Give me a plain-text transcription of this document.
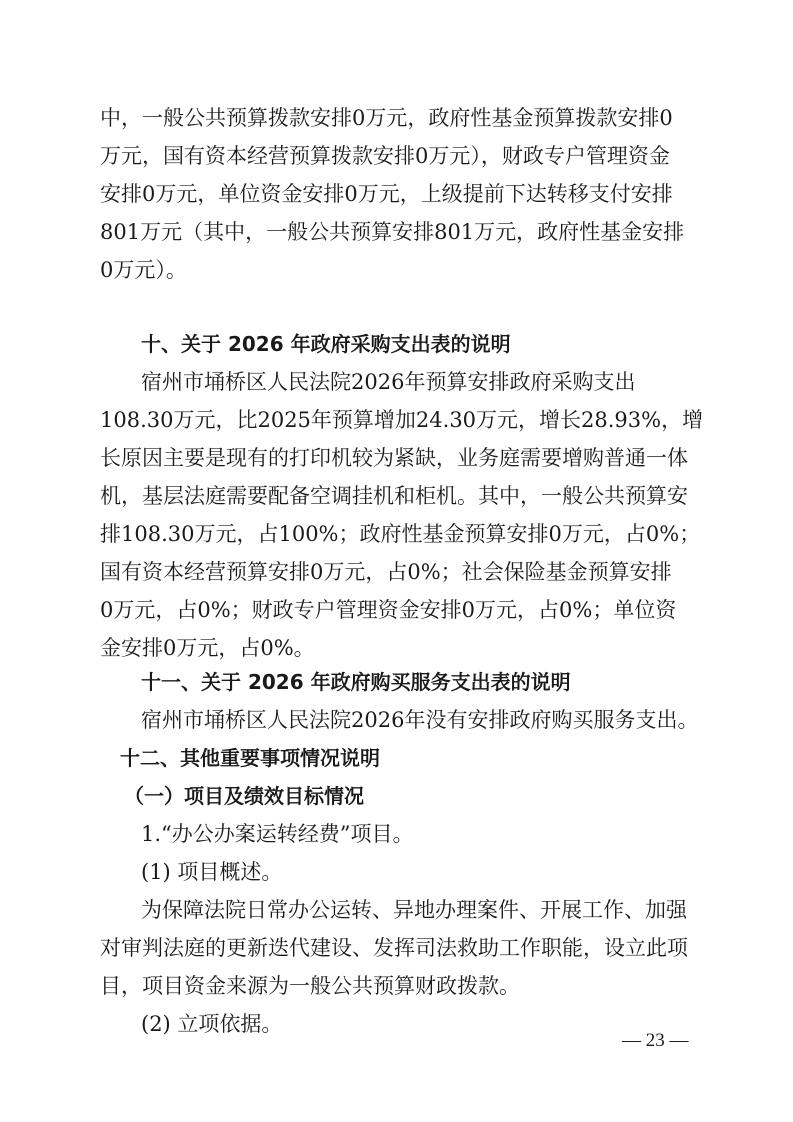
中，一般公共预算拨款安排0万元，政府性基金预算拨款安排0
万元，国有资本经营预算拨款安排0万元），财政专户管理资金
安排0万元，单位资金安排0万元，上级提前下达转移支付安排
801万元（其中，一般公共预算安排801万元，政府性基金安排
0万元）。
十、关于 2026 年政府采购支出表的说明
宿州市埇桥区人民法院2026年预算安排政府采购支出
108.30万元，比2025年预算增加24.30万元，增长28.93%，增
长原因主要是现有的打印机较为紧缺，业务庭需要增购普通一体
机，基层法庭需要配备空调挂机和柜机。其中，一般公共预算安
排108.30万元，占100%；政府性基金预算安排0万元，占0%；
国有资本经营预算安排0万元，占0%；社会保险基金预算安排
0万元，占0%；财政专户管理资金安排0万元，占0%；单位资
金安排0万元，占0%。
十一、关于 2026 年政府购买服务支出表的说明
宿州市埇桥区人民法院2026年没有安排政府购买服务支出。
十二、其他重要事项情况说明
（一）项目及绩效目标情况
1.“办公办案运转经费”项目。
(1) 项目概述。
为保障法院日常办公运转、异地办理案件、开展工作、加强
对审判法庭的更新迭代建设、发挥司法救助工作职能，设立此项
目，项目资金来源为一般公共预算财政拨款。
(2) 立项依据。
— 23 —
